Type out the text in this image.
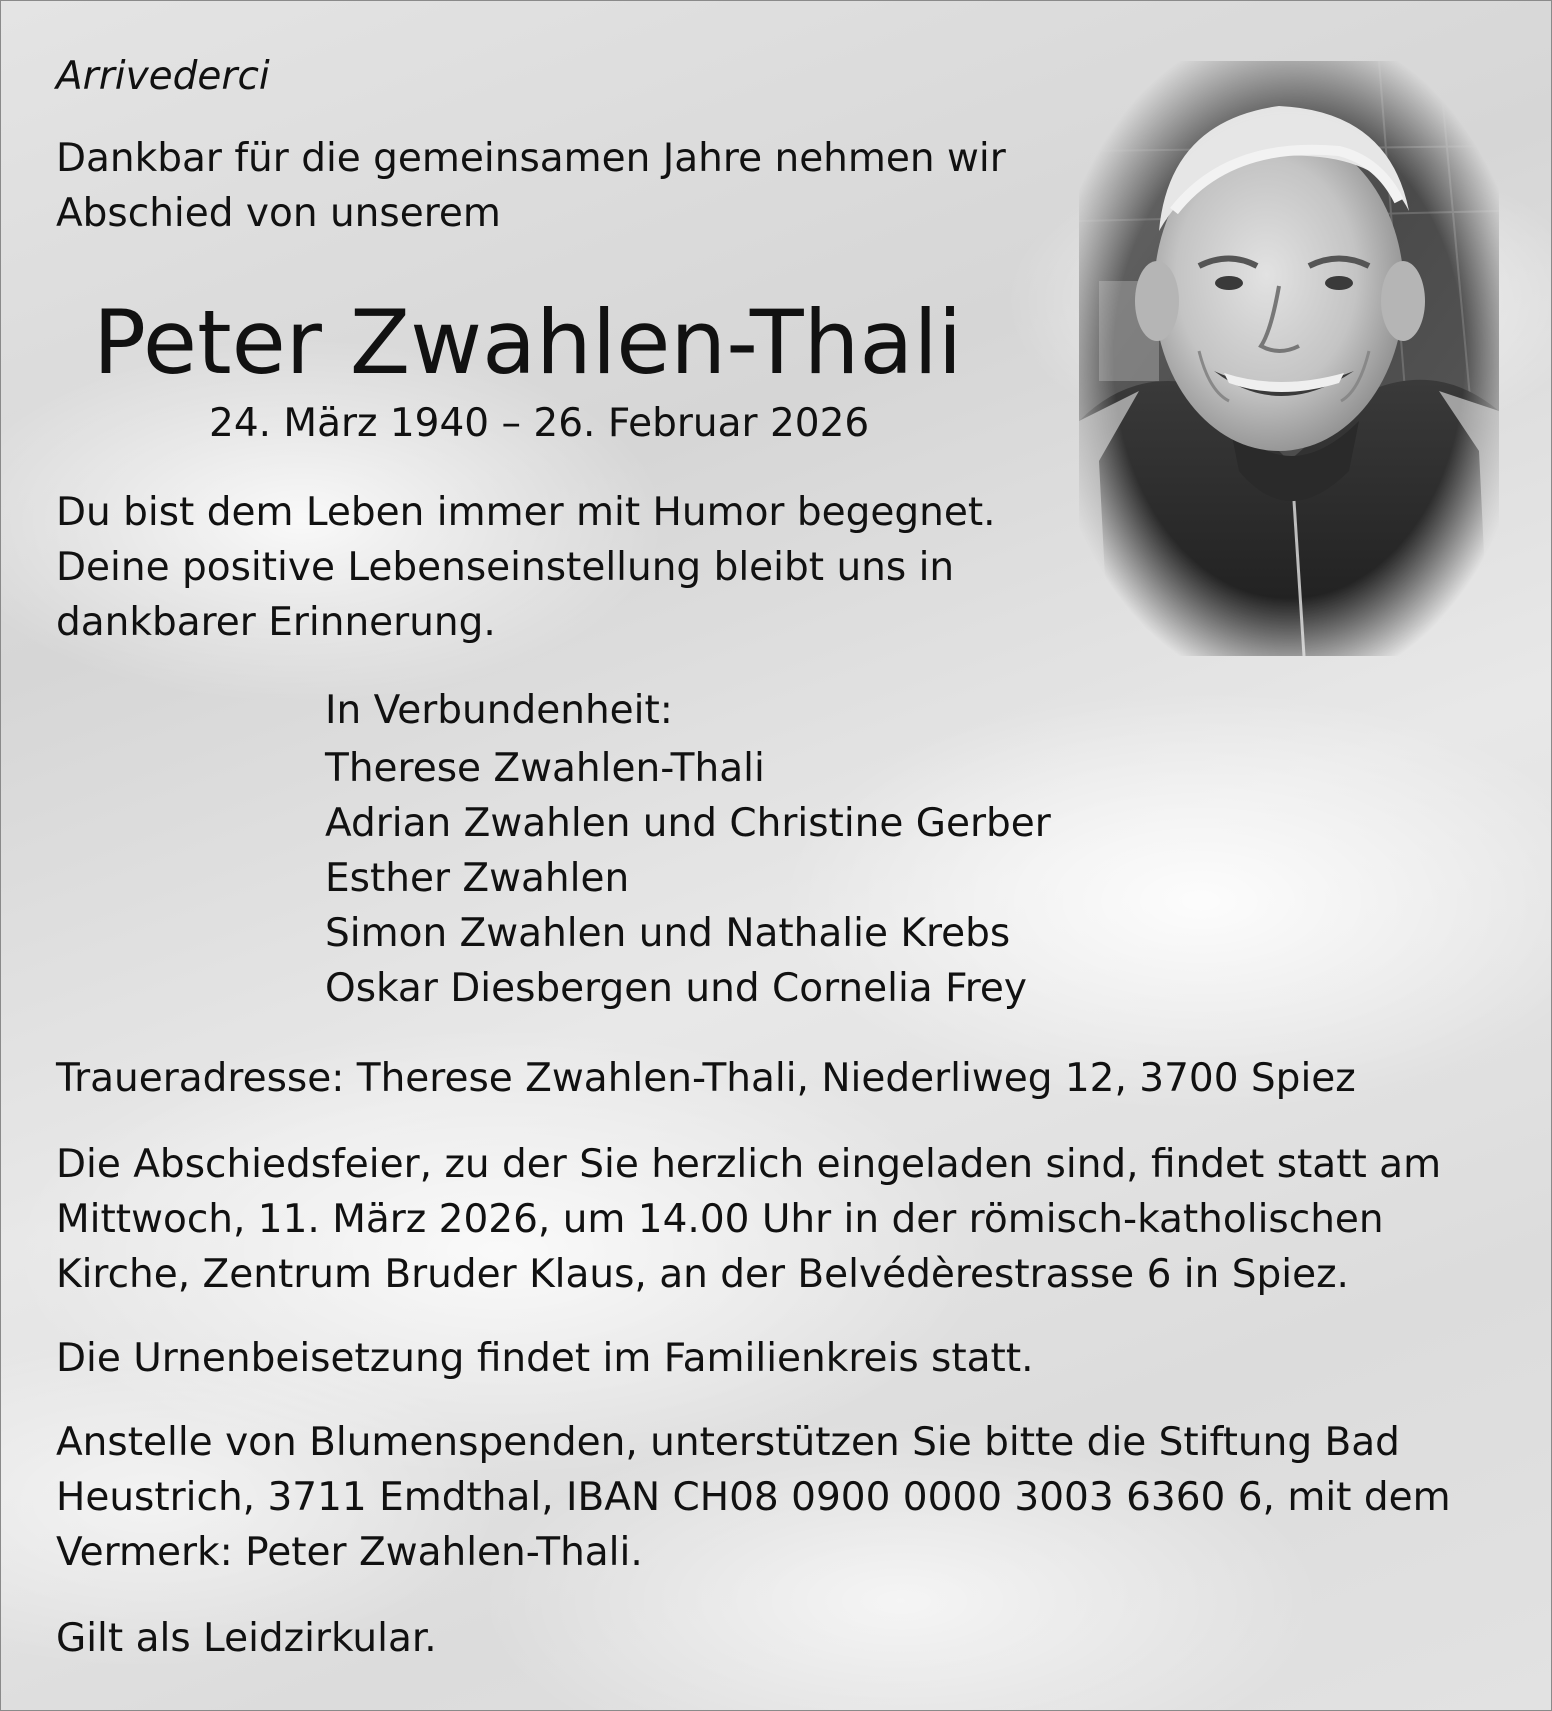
Arrivederci

Dankbar für die gemeinsamen Jahre nehmen wir
Abschied von unserem

Peter Zwahlen-Thali
24. März 1940 – 26. Februar 2026

Du bist dem Leben immer mit Humor begegnet.
Deine positive Lebenseinstellung bleibt uns in
dankbarer Erinnerung.

In Verbundenheit:
Therese Zwahlen-Thali
Adrian Zwahlen und Christine Gerber
Esther Zwahlen
Simon Zwahlen und Nathalie Krebs
Oskar Diesbergen und Cornelia Frey

Traueradresse: Therese Zwahlen-Thali, Niederliweg 12, 3700 Spiez

Die Abschiedsfeier, zu der Sie herzlich eingeladen sind, findet statt am
Mittwoch, 11. März 2026, um 14.00 Uhr in der römisch-katholischen
Kirche, Zentrum Bruder Klaus, an der Belvédèrestrasse 6 in Spiez.

Die Urnenbeisetzung findet im Familienkreis statt.

Anstelle von Blumenspenden, unterstützen Sie bitte die Stiftung Bad
Heustrich, 3711 Emdthal, IBAN CH08 0900 0000 3003 6360 6, mit dem
Vermerk: Peter Zwahlen-Thali.

Gilt als Leidzirkular.
